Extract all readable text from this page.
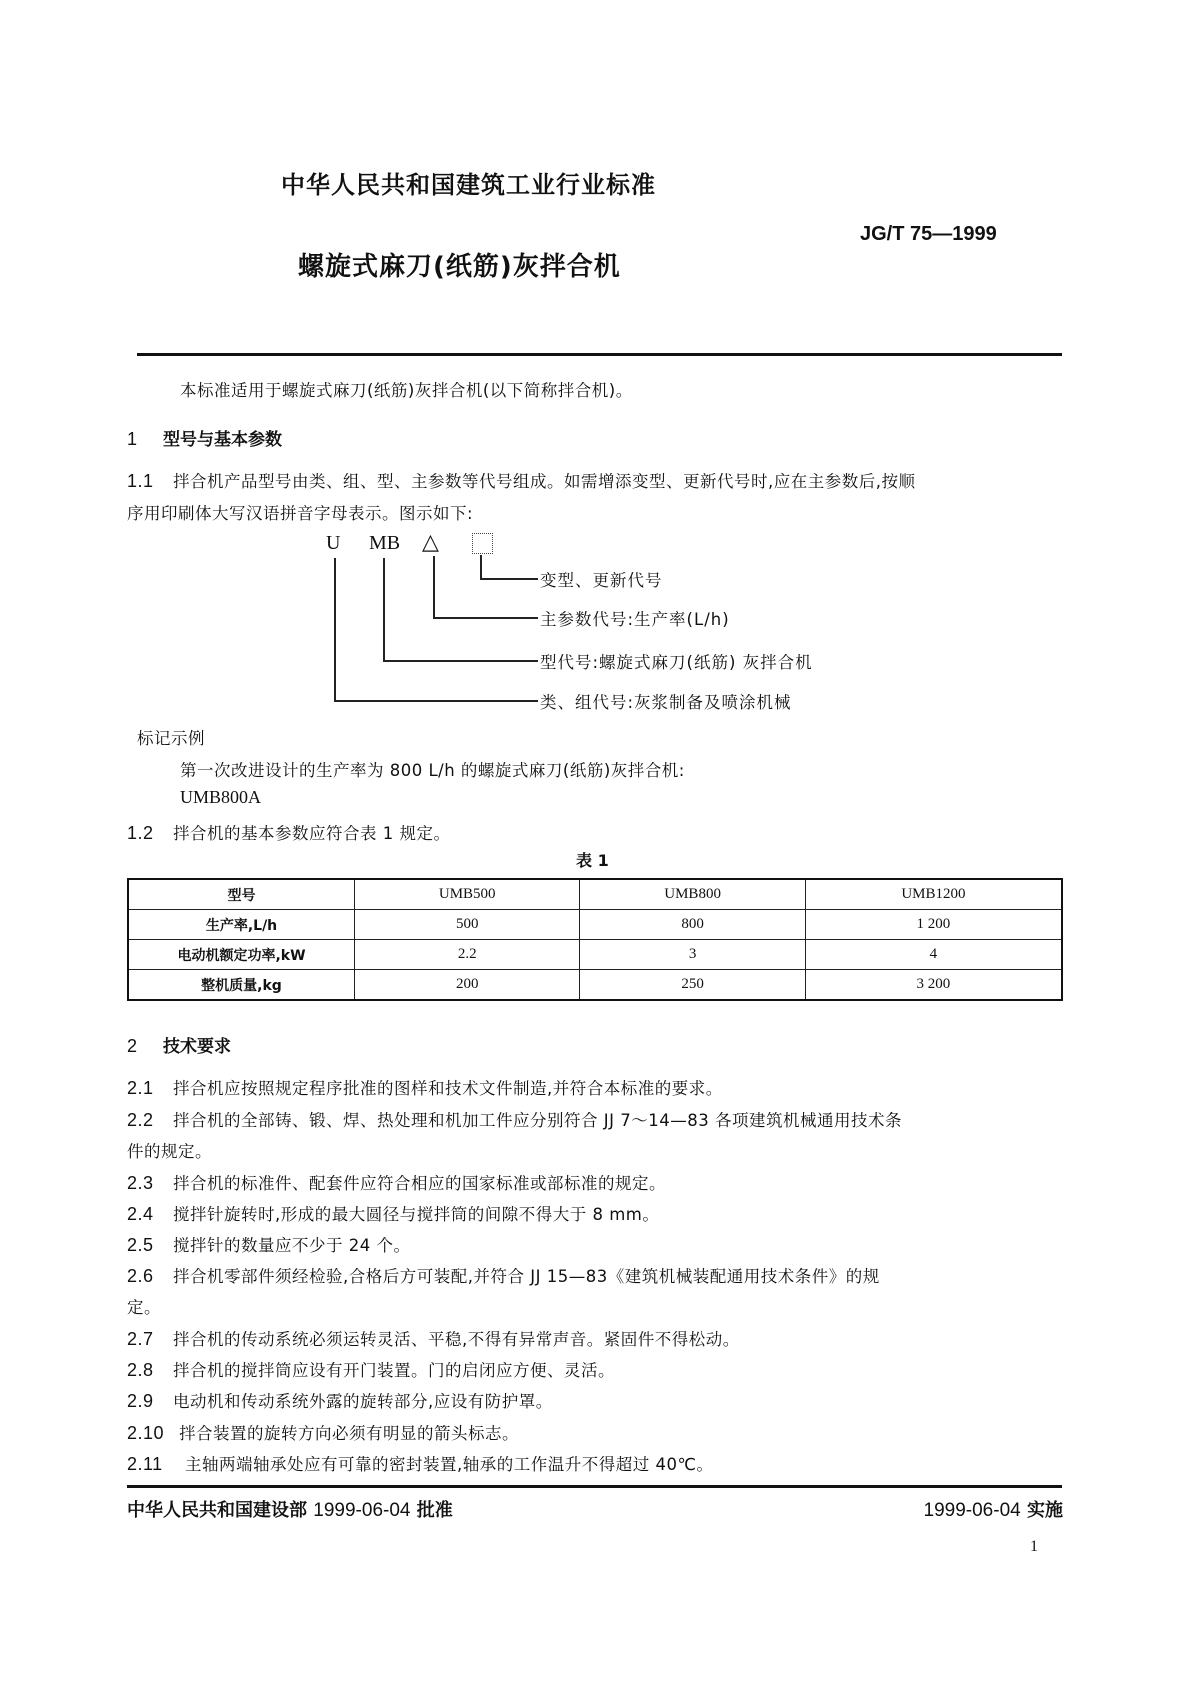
中华人民共和国建筑工业行业标准
JG/T 75—1999
螺旋式麻刀(纸筋)灰拌合机
本标准适用于螺旋式麻刀(纸筋)灰拌合机(以下简称拌合机)。
1 型号与基本参数
1.1 拌合机产品型号由类、组、型、主参数等代号组成。如需增添变型、更新代号时,应在主参数后,按顺
序用印刷体大写汉语拼音字母表示。图示如下:
U MB △
变型、更新代号
主参数代号:生产率(L/h)
型代号:螺旋式麻刀(纸筋) 灰拌合机
类、组代号:灰浆制备及喷涂机械
标记示例
第一次改进设计的生产率为 800 L/h 的螺旋式麻刀(纸筋)灰拌合机:
UMB800A
1.2 拌合机的基本参数应符合表 1 规定。
表 1
型号	UMB500	UMB800	UMB1200
生产率,L/h	500	800	1 200
电动机额定功率,kW	2.2	3	4
整机质量,kg	200	250	3 200
2 技术要求
2.1 拌合机应按照规定程序批准的图样和技术文件制造,并符合本标准的要求。
2.2 拌合机的全部铸、锻、焊、热处理和机加工件应分别符合 JJ 7～14—83 各项建筑机械通用技术条
件的规定。
2.3 拌合机的标准件、配套件应符合相应的国家标准或部标准的规定。
2.4 搅拌针旋转时,形成的最大圆径与搅拌筒的间隙不得大于 8 mm。
2.5 搅拌针的数量应不少于 24 个。
2.6 拌合机零部件须经检验,合格后方可装配,并符合 JJ 15—83《建筑机械装配通用技术条件》的规
定。
2.7 拌合机的传动系统必须运转灵活、平稳,不得有异常声音。紧固件不得松动。
2.8 拌合机的搅拌筒应设有开门装置。门的启闭应方便、灵活。
2.9 电动机和传动系统外露的旋转部分,应设有防护罩。
2.10 拌合装置的旋转方向必须有明显的箭头标志。
2.11 主轴两端轴承处应有可靠的密封装置,轴承的工作温升不得超过 40℃。
中华人民共和国建设部 1999-06-04 批准	1999-06-04 实施
1
